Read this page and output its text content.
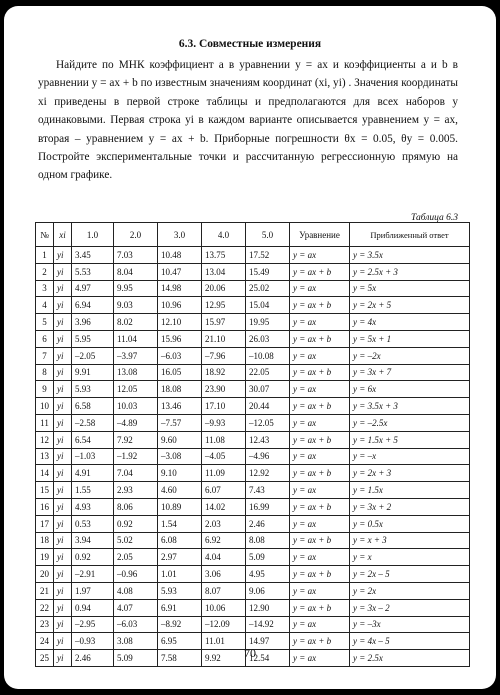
6.3. Совместные измерения

Найдите по МНК коэффициент a в уравнении y = ax и коэффициенты a и b в уравнении y = ax + b по известным значениям координат (xi, yi) . Значения координаты xi приведены в первой строке таблицы и предполагаются для всех наборов y одинаковыми. Первая строка yi в каждом варианте описывается уравнением y = ax, вторая – уравнением y = ax + b. Приборные погрешности θx = 0.05, θy = 0.005. Постройте экспериментальные точки и рассчитанную регрессионную прямую на одном графике.

Таблица 6.3
№	xi	1.0	2.0	3.0	4.0	5.0	Уравнение	Приближенный ответ
1	yi	3.45	7.03	10.48	13.75	17.52	y = ax	y = 3.5x
2	yi	5.53	8.04	10.47	13.04	15.49	y = ax + b	y = 2.5x + 3
3	yi	4.97	9.95	14.98	20.06	25.02	y = ax	y = 5x
4	yi	6.94	9.03	10.96	12.95	15.04	y = ax + b	y = 2x + 5
5	yi	3.96	8.02	12.10	15.97	19.95	y = ax	y = 4x
6	yi	5.95	11.04	15.96	21.10	26.03	y = ax + b	y = 5x + 1
7	yi	–2.05	–3.97	–6.03	–7.96	–10.08	y = ax	y = –2x
8	yi	9.91	13.08	16.05	18.92	22.05	y = ax + b	y = 3x + 7
9	yi	5.93	12.05	18.08	23.90	30.07	y = ax	y = 6x
10	yi	6.58	10.03	13.46	17.10	20.44	y = ax + b	y = 3.5x + 3
11	yi	–2.58	–4.89	–7.57	–9.93	–12.05	y = ax	y = –2.5x
12	yi	6.54	7.92	9.60	11.08	12.43	y = ax + b	y = 1.5x + 5
13	yi	–1.03	–1.92	–3.08	–4.05	–4.96	y = ax	y = –x
14	yi	4.91	7.04	9.10	11.09	12.92	y = ax + b	y = 2x + 3
15	yi	1.55	2.93	4.60	6.07	7.43	y = ax	y = 1.5x
16	yi	4.93	8.06	10.89	14.02	16.99	y = ax + b	y = 3x + 2
17	yi	0.53	0.92	1.54	2.03	2.46	y = ax	y = 0.5x
18	yi	3.94	5.02	6.08	6.92	8.08	y = ax + b	y = x + 3
19	yi	0.92	2.05	2.97	4.04	5.09	y = ax	y = x
20	yi	–2.91	–0.96	1.01	3.06	4.95	y = ax + b	y = 2x – 5
21	yi	1.97	4.08	5.93	8.07	9.06	y = ax	y = 2x
22	yi	0.94	4.07	6.91	10.06	12.90	y = ax + b	y = 3x – 2
23	yi	–2.95	–6.03	–8.92	–12.09	–14.92	y = ax	y = –3x
24	yi	–0.93	3.08	6.95	11.01	14.97	y = ax + b	y = 4x – 5
25	yi	2.46	5.09	7.58	9.92	12.54	y = ax	y = 2.5x
70
